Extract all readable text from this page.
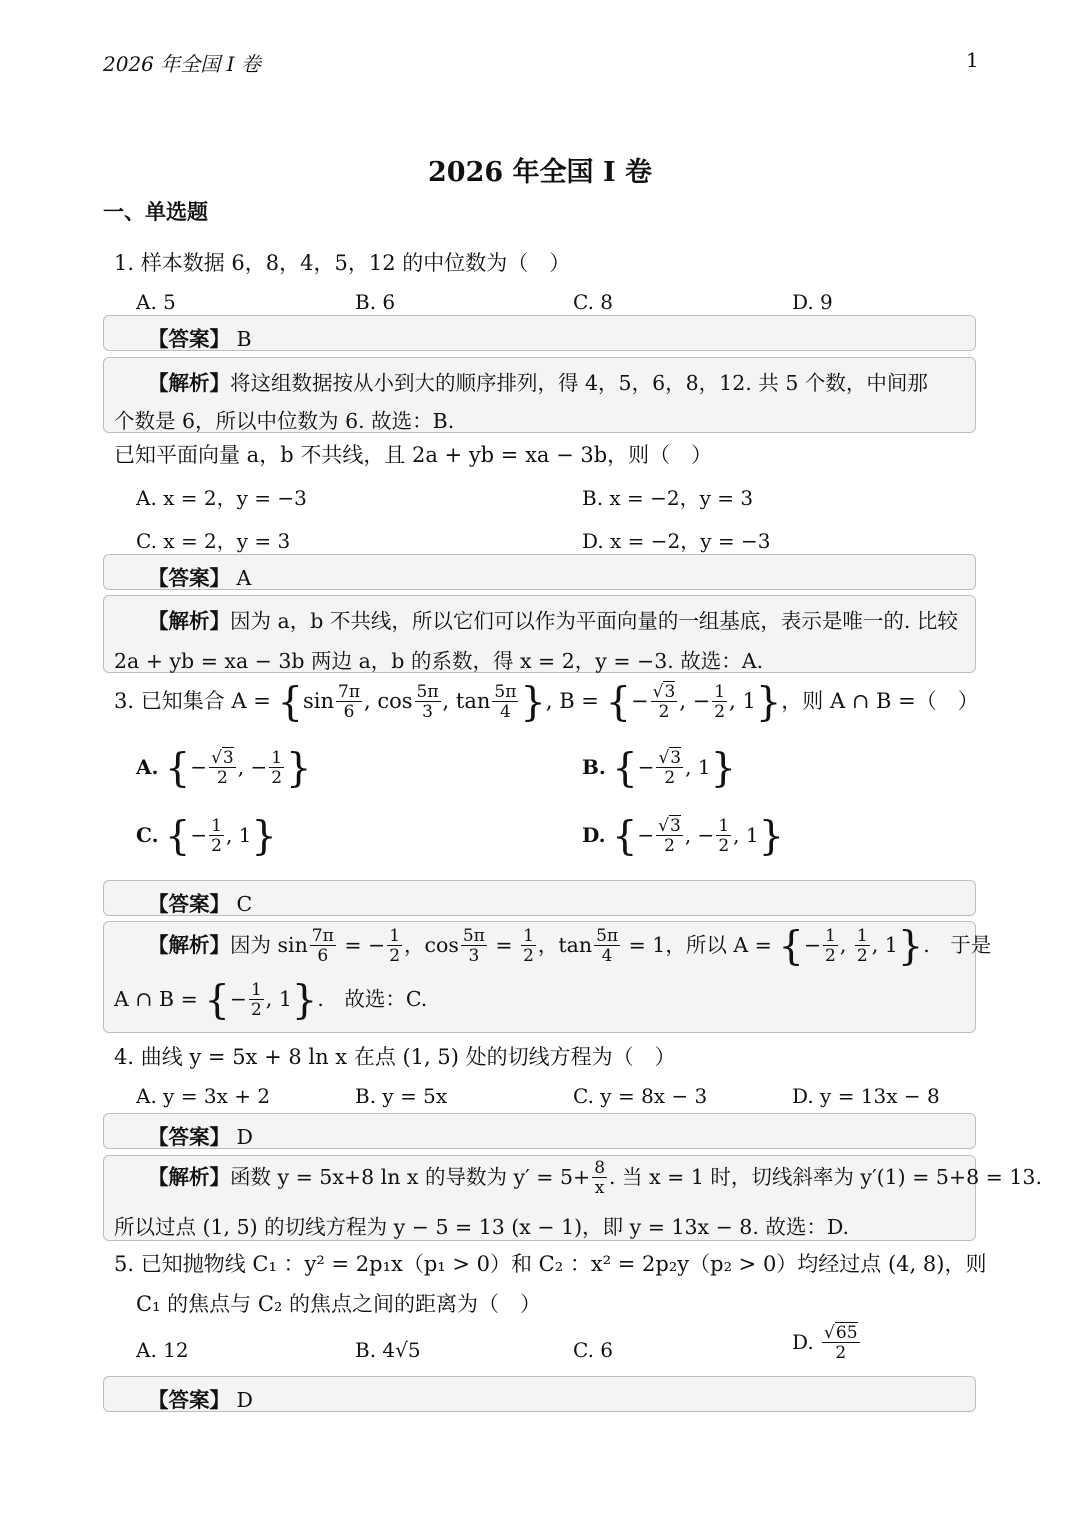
2026 年全国 I 卷	1
2026 年全国 I 卷
一、单选题
1. 样本数据 6，8，4，5，12 的中位数为（　）
A. 5	B. 6	C. 8	D. 9
【答案】 B
【解析】将这组数据按从小到大的顺序排列，得 4，5，6，8，12. 共 5 个数，中间那
个数是 6，所以中位数为 6. 故选：B.
已知平面向量 a，b 不共线，且 2a + yb = xa − 3b，则（　）
A. x = 2，y = −3	B. x = −2，y = 3
C. x = 2，y = 3	D. x = −2，y = −3
【答案】 A
【解析】因为 a，b 不共线，所以它们可以作为平面向量的一组基底，表示是唯一的. 比较
2a + yb = xa − 3b 两边 a，b 的系数，得 x = 2，y = −3. 故选：A.
3. 已知集合 $A = \{\sin \frac{7\pi}{6}$ , $\cos \frac{5\pi}{3}$ , $\tan \frac{5\pi}{4}$ }, B = {− $\frac{√3}{2}$ , − $\frac{1}{2}$ , 1}，则 A ∩ B =（　）
A. {− $\frac{√3}{2}$ , − $\frac{1}{2}$ }	B. {− $\frac{√3}{2}$ , 1}
C. {− $\frac{1}{2}$ , 1}	D. {− $\frac{√3}{2}$ , − $\frac{1}{2}$ , 1}
【答案】 C
【解析】因为 $\sin \frac{7\pi}{6}$ = − $\frac{1}{2}$ ，$\cos \frac{5\pi}{3} = \frac{1}{2}$ ，$\tan \frac{5\pi}{4} = 1$，所以 A = {− $\frac{1}{2}$ , $\frac{1}{2}$ , 1}.　于是
A ∩ B = {− $\frac{1}{2}$ , 1}.　故选：C.
4. 曲线 y = 5x + 8 ln x 在点 (1, 5) 处的切线方程为（　）
A. y = 3x + 2	B. y = 5x	C. y = 8x − 3	D. y = 13x − 8
【答案】 D
【解析】函数 y = 5x+8 ln x 的导数为 $y' = 5+ \frac{8}{x}$ . 当 x = 1 时，切线斜率为 y′(1) = 5+8 = 13.
所以过点 (1, 5) 的切线方程为 y − 5 = 13 (x − 1)，即 y = 13x − 8. 故选：D.
5. 已知抛物线 C₁ ：y² = 2p₁x（p₁ > 0）和 C₂ ：x² = 2p₂y（p₂ > 0）均经过点 (4, 8)，则
C₁ 的焦点与 C₂ 的焦点之间的距离为（　）
A. 12	B. 4√5	C. 6	D. $\frac{√65}{2}$
【答案】 D
